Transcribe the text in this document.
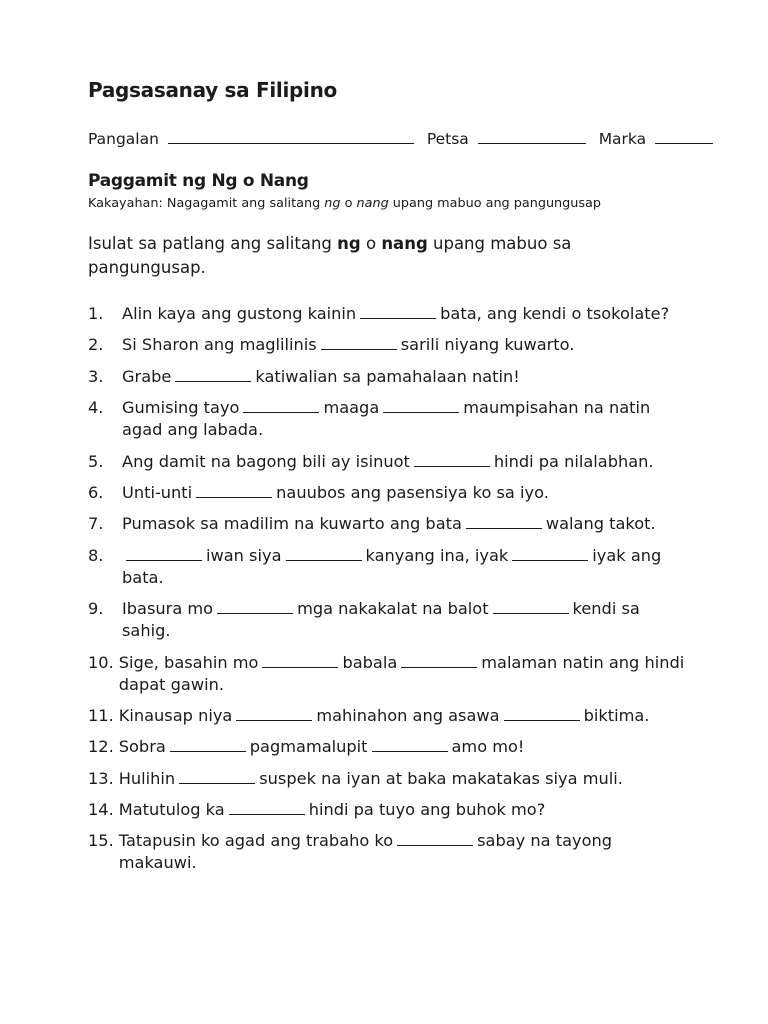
Pagsasanay sa Filipino
Pangalan	Petsa	Marka
Paggamit ng Ng o Nang
Kakayahan: Nagagamit ang salitang ng o nang upang mabuo ang pangungusap
Isulat sa patlang ang salitang ng o nang upang mabuo sa pangungusap.
1.	Alin kaya ang gustong kainin	bata, ang kendi o tsokolate?
2.	Si Sharon ang maglilinis	sarili niyang kuwarto.
3.	Grabe	katiwalian sa pamahalaan natin!
4.	Gumising tayo	maaga	maumpisahan na natin agad ang labada.
5.	Ang damit na bagong bili ay isinuot	hindi pa nilalabhan.
6.	Unti-unti	nauubos ang pasensiya ko sa iyo.
7.	Pumasok sa madilim na kuwarto ang bata	walang takot.
8.	iwan siya	kanyang ina, iyak	iyak ang bata.
9.	Ibasura mo	mga nakakalat na balot	kendi sa sahig.
10. Sige, basahin mo	babala	malaman natin ang hindi dapat gawin.
11. Kinausap niya	mahinahon ang asawa	biktima.
12. Sobra	pagmamalupit	amo mo!
13. Hulihin	suspek na iyan at baka makatakas siya muli.
14. Matutulog ka	hindi pa tuyo ang buhok mo?
15. Tatapusin ko agad ang trabaho ko	sabay na tayong makauwi.
